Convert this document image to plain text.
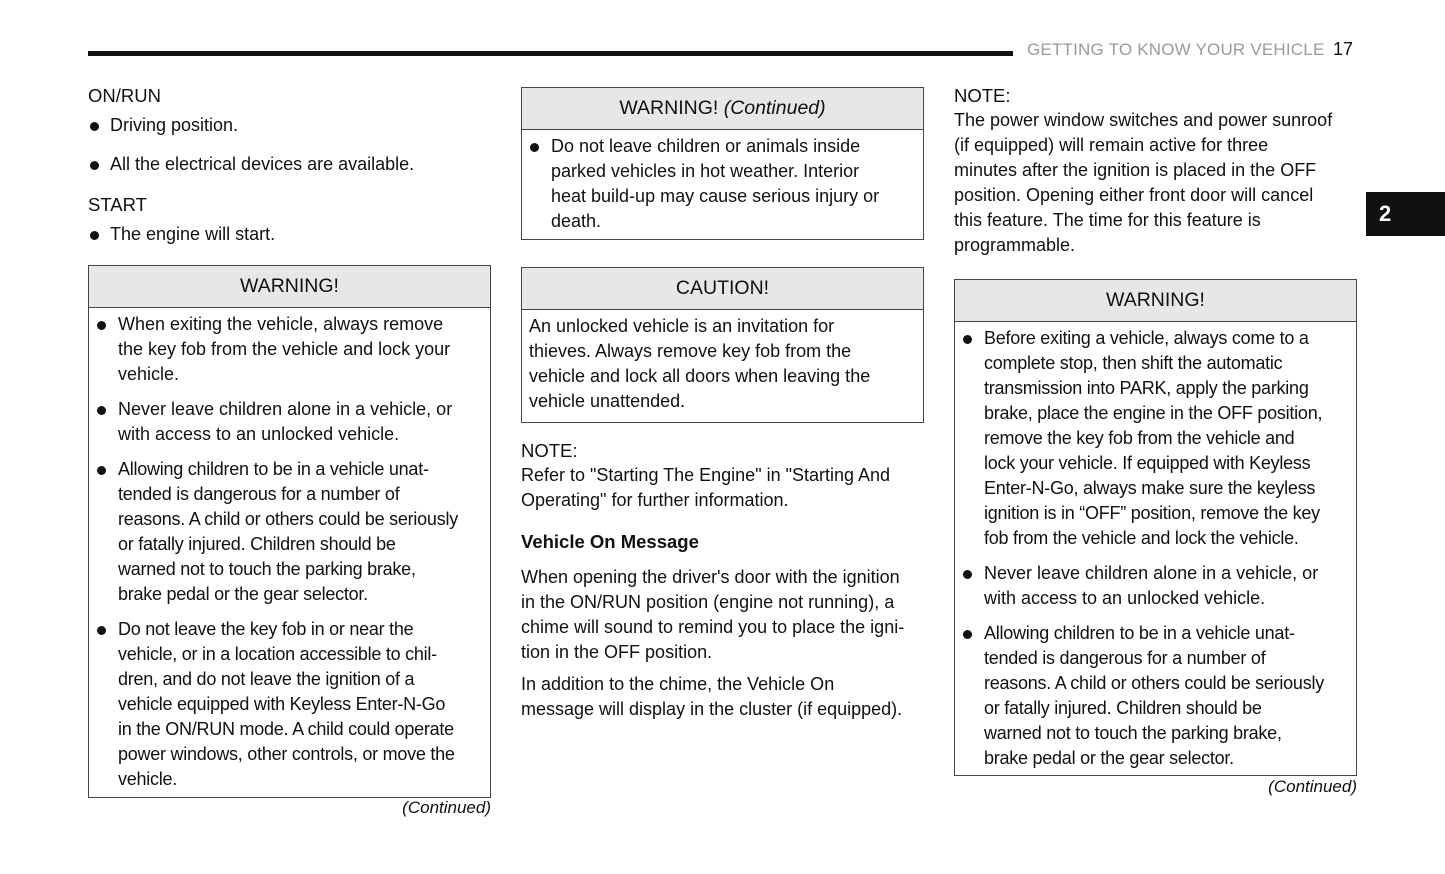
GETTING TO KNOW YOUR VEHICLE 17
2
ON/RUN
Driving position.
All the electrical devices are available.
START
The engine will start.
WARNING!
When exiting the vehicle, always remove
the key fob from the vehicle and lock your
vehicle.
Never leave children alone in a vehicle, or
with access to an unlocked vehicle.
Allowing children to be in a vehicle unat-
tended is dangerous for a number of
reasons. A child or others could be seriously
or fatally injured. Children should be
warned not to touch the parking brake,
brake pedal or the gear selector.
Do not leave the key fob in or near the
vehicle, or in a location accessible to chil-
dren, and do not leave the ignition of a
vehicle equipped with Keyless Enter-N-Go
in the ON/RUN mode. A child could operate
power windows, other controls, or move the
vehicle.
(Continued)
WARNING! (Continued)
Do not leave children or animals inside
parked vehicles in hot weather. Interior
heat build-up may cause serious injury or
death.
CAUTION!
An unlocked vehicle is an invitation for
thieves. Always remove key fob from the
vehicle and lock all doors when leaving the
vehicle unattended.
NOTE:
Refer to "Starting The Engine" in "Starting And
Operating" for further information.
Vehicle On Message
When opening the driver's door with the ignition
in the ON/RUN position (engine not running), a
chime will sound to remind you to place the igni-
tion in the OFF position.
In addition to the chime, the Vehicle On
message will display in the cluster (if equipped).
NOTE:
The power window switches and power sunroof
(if equipped) will remain active for three
minutes after the ignition is placed in the OFF
position. Opening either front door will cancel
this feature. The time for this feature is
programmable.
WARNING!
Before exiting a vehicle, always come to a
complete stop, then shift the automatic
transmission into PARK, apply the parking
brake, place the engine in the OFF position,
remove the key fob from the vehicle and
lock your vehicle. If equipped with Keyless
Enter-N-Go, always make sure the keyless
ignition is in “OFF” position, remove the key
fob from the vehicle and lock the vehicle.
Never leave children alone in a vehicle, or
with access to an unlocked vehicle.
Allowing children to be in a vehicle unat-
tended is dangerous for a number of
reasons. A child or others could be seriously
or fatally injured. Children should be
warned not to touch the parking brake,
brake pedal or the gear selector.
(Continued)
